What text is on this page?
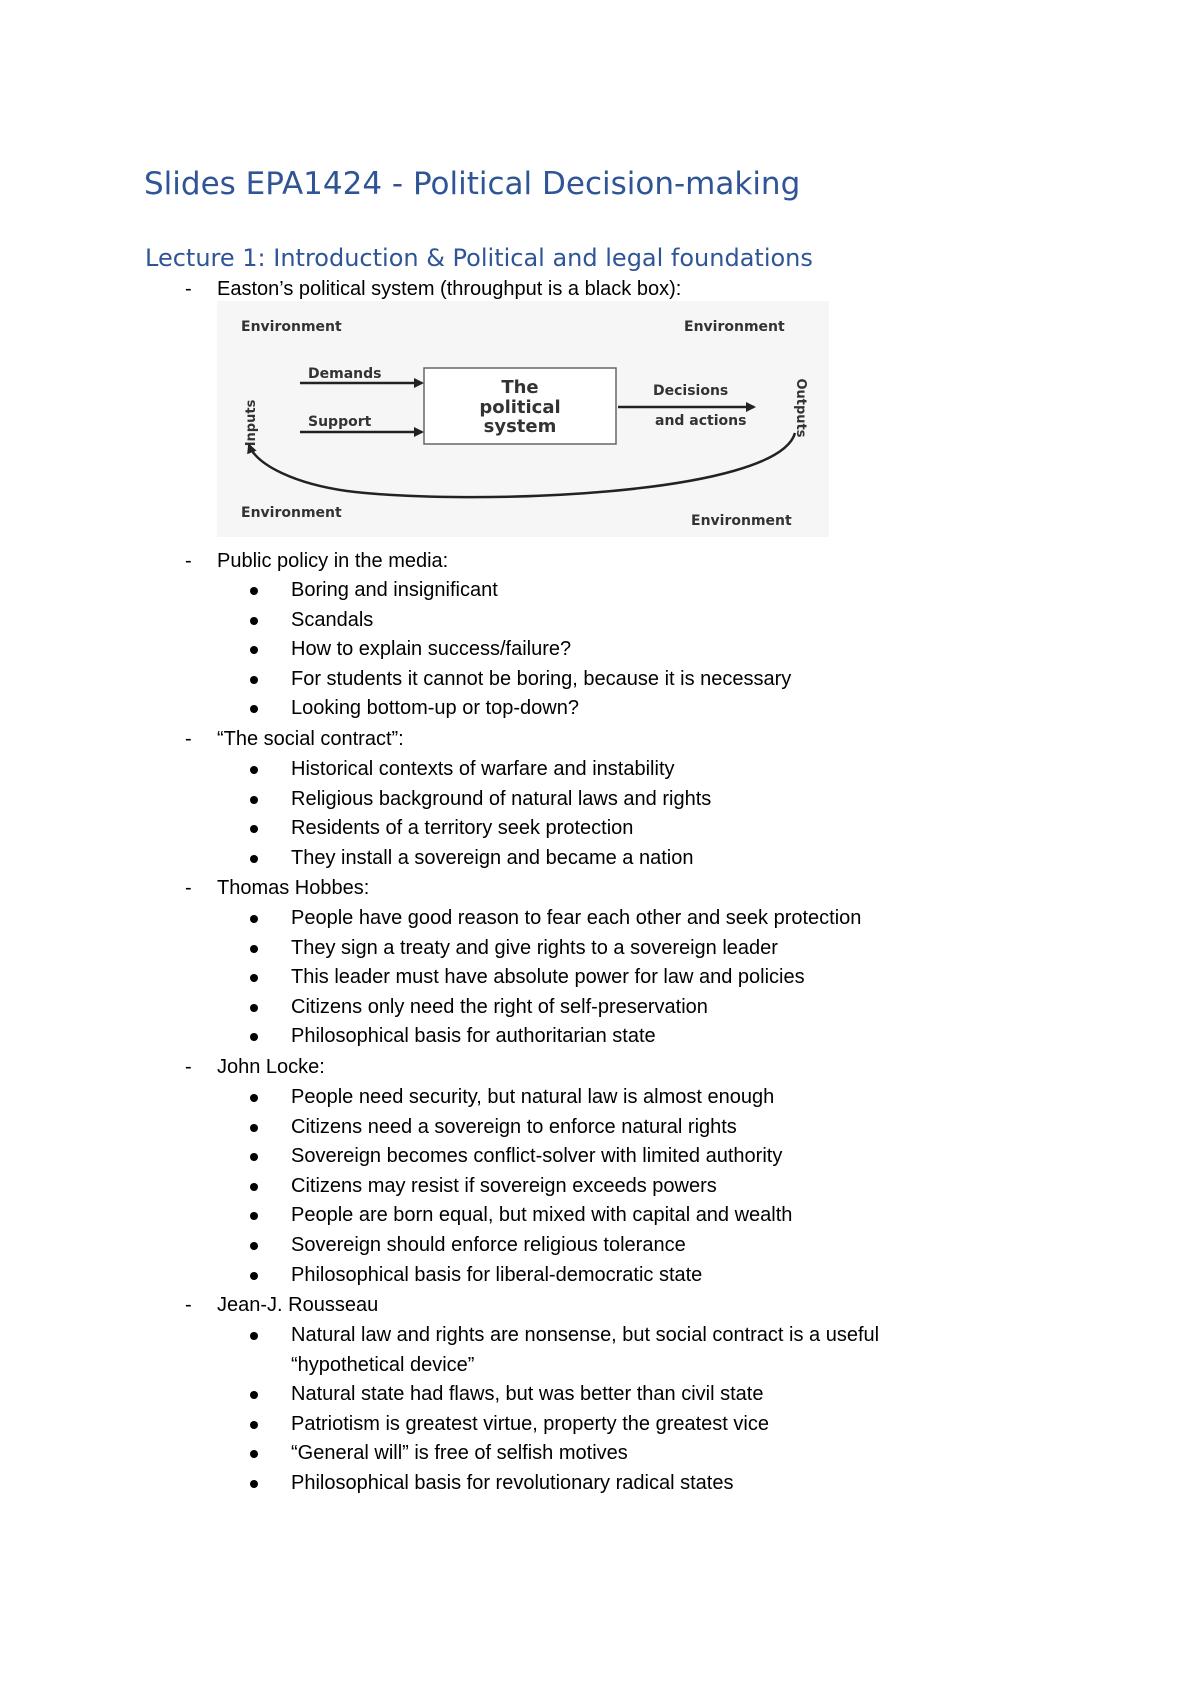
Slides EPA1424 - Political Decision-making
Lecture 1: Introduction & Political and legal foundations
- Easton’s political system (throughput is a black box):
Environment	Environment
Environment	Environment
The
political
system
Demands
Support
Decisions
and actions
Inputs	Outputs
- Public policy in the media:
Boring and insignificant
Scandals
How to explain success/failure?
For students it cannot be boring, because it is necessary
Looking bottom-up or top-down?
- “The social contract”:
Historical contexts of warfare and instability
Religious background of natural laws and rights
Residents of a territory seek protection
They install a sovereign and became a nation
- Thomas Hobbes:
People have good reason to fear each other and seek protection
They sign a treaty and give rights to a sovereign leader
This leader must have absolute power for law and policies
Citizens only need the right of self-preservation
Philosophical basis for authoritarian state
- John Locke:
People need security, but natural law is almost enough
Citizens need a sovereign to enforce natural rights
Sovereign becomes conflict-solver with limited authority
Citizens may resist if sovereign exceeds powers
People are born equal, but mixed with capital and wealth
Sovereign should enforce religious tolerance
Philosophical basis for liberal-democratic state
- Jean-J. Rousseau
Natural law and rights are nonsense, but social contract is a useful “hypothetical device”
Natural state had flaws, but was better than civil state
Patriotism is greatest virtue, property the greatest vice
“General will” is free of selfish motives
Philosophical basis for revolutionary radical states
